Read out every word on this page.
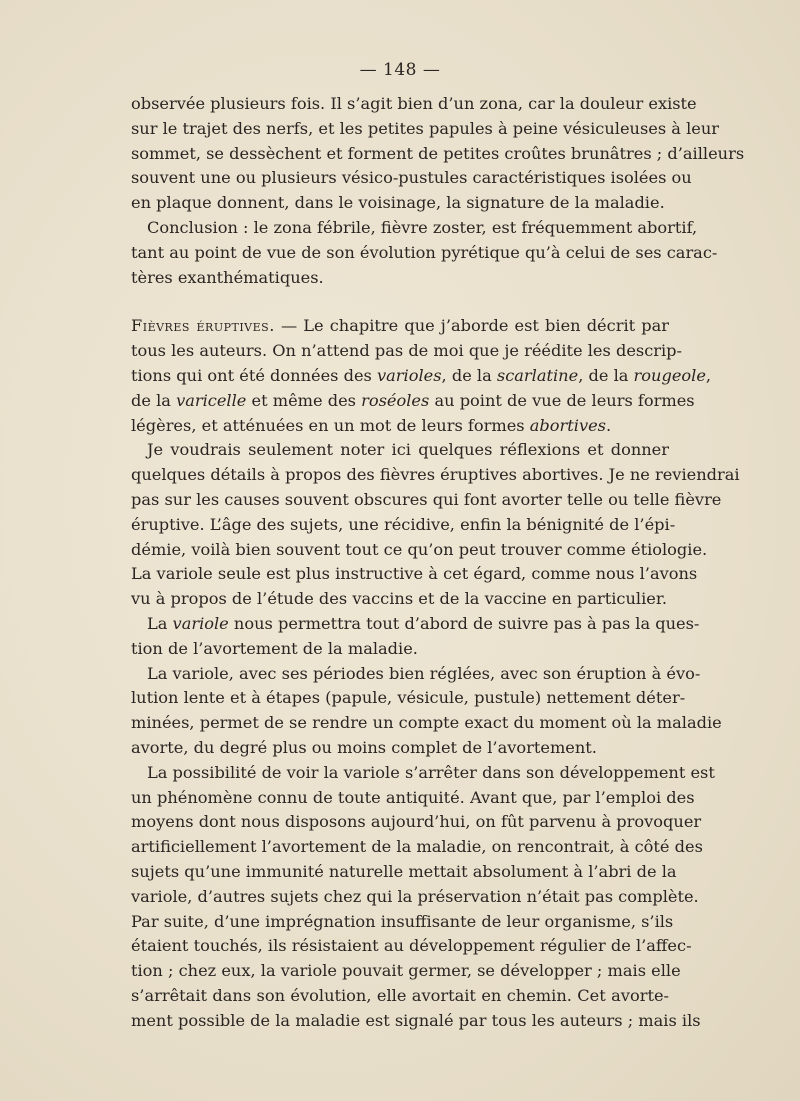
— 148 —
observée plusieurs fois. Il s’agit bien d’un zona, car la douleur existe
sur le trajet des nerfs, et les petites papules à peine vésiculeuses à leur
sommet, se dessèchent et forment de petites croûtes brunâtres ; d’ailleurs
souvent une ou plusieurs vésico-pustules caractéristiques isolées ou
en plaque donnent, dans le voisinage, la signature de la maladie.
Conclusion : le zona fébrile, fièvre zoster, est fréquemment abortif,
tant au point de vue de son évolution pyrétique qu’à celui de ses carac-
tères exanthématiques.
Fièvres éruptives. — Le chapitre que j’aborde est bien décrit par
tous les auteurs. On n’attend pas de moi que je réédite les descrip-
tions qui ont été données des varioles, de la scarlatine, de la rougeole,
de la varicelle et même des roséoles au point de vue de leurs formes
légères, et atténuées en un mot de leurs formes abortives.
Je voudrais seulement noter ici quelques réflexions et donner
quelques détails à propos des fièvres éruptives abortives. Je ne reviendrai
pas sur les causes souvent obscures qui font avorter telle ou telle fièvre
éruptive. L’âge des sujets, une récidive, enfin la bénignité de l’épi-
démie, voilà bien souvent tout ce qu’on peut trouver comme étiologie.
La variole seule est plus instructive à cet égard, comme nous l’avons
vu à propos de l’étude des vaccins et de la vaccine en particulier.
La variole nous permettra tout d’abord de suivre pas à pas la ques-
tion de l’avortement de la maladie.
La variole, avec ses périodes bien réglées, avec son éruption à évo-
lution lente et à étapes (papule, vésicule, pustule) nettement déter-
minées, permet de se rendre un compte exact du moment où la maladie
avorte, du degré plus ou moins complet de l’avortement.
La possibilité de voir la variole s’arrêter dans son développement est
un phénomène connu de toute antiquité. Avant que, par l’emploi des
moyens dont nous disposons aujourd’hui, on fût parvenu à provoquer
artificiellement l’avortement de la maladie, on rencontrait, à côté des
sujets qu’une immunité naturelle mettait absolument à l’abri de la
variole, d’autres sujets chez qui la préservation n’était pas complète.
Par suite, d’une imprégnation insuffisante de leur organisme, s’ils
étaient touchés, ils résistaient au développement régulier de l’affec-
tion ; chez eux, la variole pouvait germer, se développer ; mais elle
s’arrêtait dans son évolution, elle avortait en chemin. Cet avorte-
ment possible de la maladie est signalé par tous les auteurs ; mais ils
